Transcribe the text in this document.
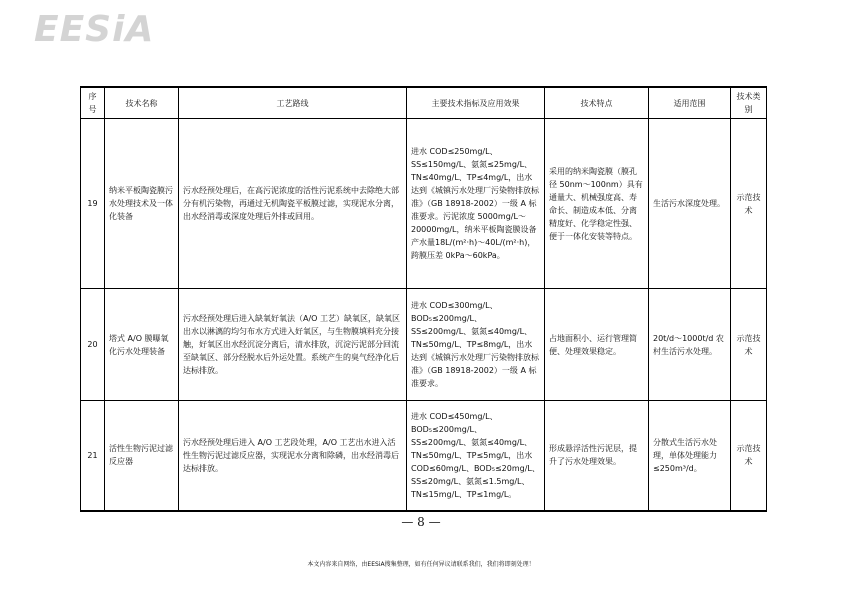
EESiA
序号	技术名称	工艺路线	主要技术指标及应用效果	技术特点	适用范围	技术类别
19	纳米平板陶瓷膜污水处理技术及一体化装备	污水经预处理后，在高污泥浓度的活性污泥系统中去除绝大部分有机污染物，再通过无机陶瓷平板膜过滤，实现泥水分离，出水经消毒或深度处理后外排或回用。	进水 COD≤250mg/L、SS≤150mg/L、氨氮≤25mg/L、TN≤40mg/L、TP≤4mg/L，出水达到《城镇污水处理厂污染物排放标准》（GB 18918-2002）一级 A 标准要求。污泥浓度 5000mg/L～20000mg/L，纳米平板陶瓷膜设备产水量18L/(m²·h)～40L/(m²·h)，跨膜压差 0kPa～60kPa。	采用的纳米陶瓷膜（膜孔径 50nm～100nm）具有通量大、机械强度高、寿命长、制造成本低、分离精度好、化学稳定性强、便于一体化安装等特点。	生活污水深度处理。	示范技术
20	塔式 A/O 膜曝氧化污水处理装备	污水经预处理后进入缺氧好氧法（A/O 工艺）缺氧区，缺氧区出水以淋漓的均匀布水方式进入好氧区，与生物膜填料充分接触，好氧区出水经沉淀分离后，清水排放，沉淀污泥部分回流至缺氧区、部分经脱水后外运处置。系统产生的臭气经净化后达标排放。	进水 COD≤300mg/L、BOD₅≤200mg/L、SS≤200mg/L、氨氮≤40mg/L、TN≤50mg/L、TP≤8mg/L，出水达到《城镇污水处理厂污染物排放标准》（GB 18918-2002）一级 A 标准要求。	占地面积小、运行管理简便、处理效果稳定。	20t/d～1000t/d 农村生活污水处理。	示范技术
21	活性生物污泥过滤反应器	污水经预处理后进入 A/O 工艺段处理，A/O 工艺出水进入活性生物污泥过滤反应器，实现泥水分离和除磷，出水经消毒后达标排放。	进水 COD≤450mg/L、BOD₅≤200mg/L、SS≤200mg/L、氨氮≤40mg/L、TN≤50mg/L、TP≤5mg/L，出水 COD≤60mg/L、BOD₅≤20mg/L、SS≤20mg/L、氨氮≤1.5mg/L、TN≤15mg/L、TP≤1mg/L。	形成悬浮活性污泥层，提升了污水处理效果。	分散式生活污水处理，单体处理能力≤250m³/d。	示范技术
— 8 —
本文内容来自网络，由EESiA搜集整理，如有任何异议请联系我们，我们将即刻处理！
